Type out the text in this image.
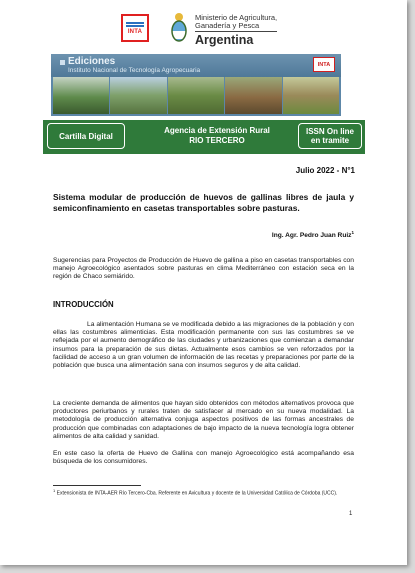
INTA
Ministerio de Agricultura,
Ganadería y Pesca
Argentina
Ediciones
Instituto Nacional de Tecnología Agropecuaria
INTA
Cartilla Digital
Agencia de Extensión Rural
RIO TERCERO
ISSN On line
en tramite
Julio 2022 - N°1
Sistema modular de producción de huevos de gallinas libres de jaula y semiconfinamiento en casetas transportables sobre pasturas.
Ing. Agr. Pedro Juan Ruiz$^1$
Sugerencias para Proyectos de Producción de Huevo de gallina a piso en casetas transportables con manejo Agroecológico asentados sobre pasturas en clima Mediterráneo con estación seca en la región de Chaco semiárido.
INTRODUCCIÓN
La alimentación Humana se ve modificada debido a las migraciones de la población y con ellas las costumbres alimenticias. Esta modificación permanente con sus las costumbres se ve reflejada por el aumento demográfico de las ciudades y urbanizaciones que comienzan a demandar insumos para la preparación de sus dietas. Actualmente esos cambios se ven reforzados por la facilidad de acceso a un gran volumen de información de las recetas y preparaciones por parte de la población que busca una alimentación sana con insumos seguros y de alta calidad.
La creciente demanda de alimentos que hayan sido obtenidos con métodos alternativos provoca que productores periurbanos y rurales traten de satisfacer al mercado en su nueva modalidad. La metodología de producción alternativa conjuga aspectos positivos de las formas ancestrales de producción que combinadas con adaptaciones de bajo impacto de la nueva tecnología logra obtener alimentos de alta calidad y sanidad.
En este caso la oferta de Huevo de Gallina con manejo Agroecológico está acompañando esa búsqueda de los consumidores.
$^1$ Extensionista de INTA-AER Río Tercero-Cba. Referente en Avicultura y docente de la Universidad Católica de Córdoba (UCC).
1
